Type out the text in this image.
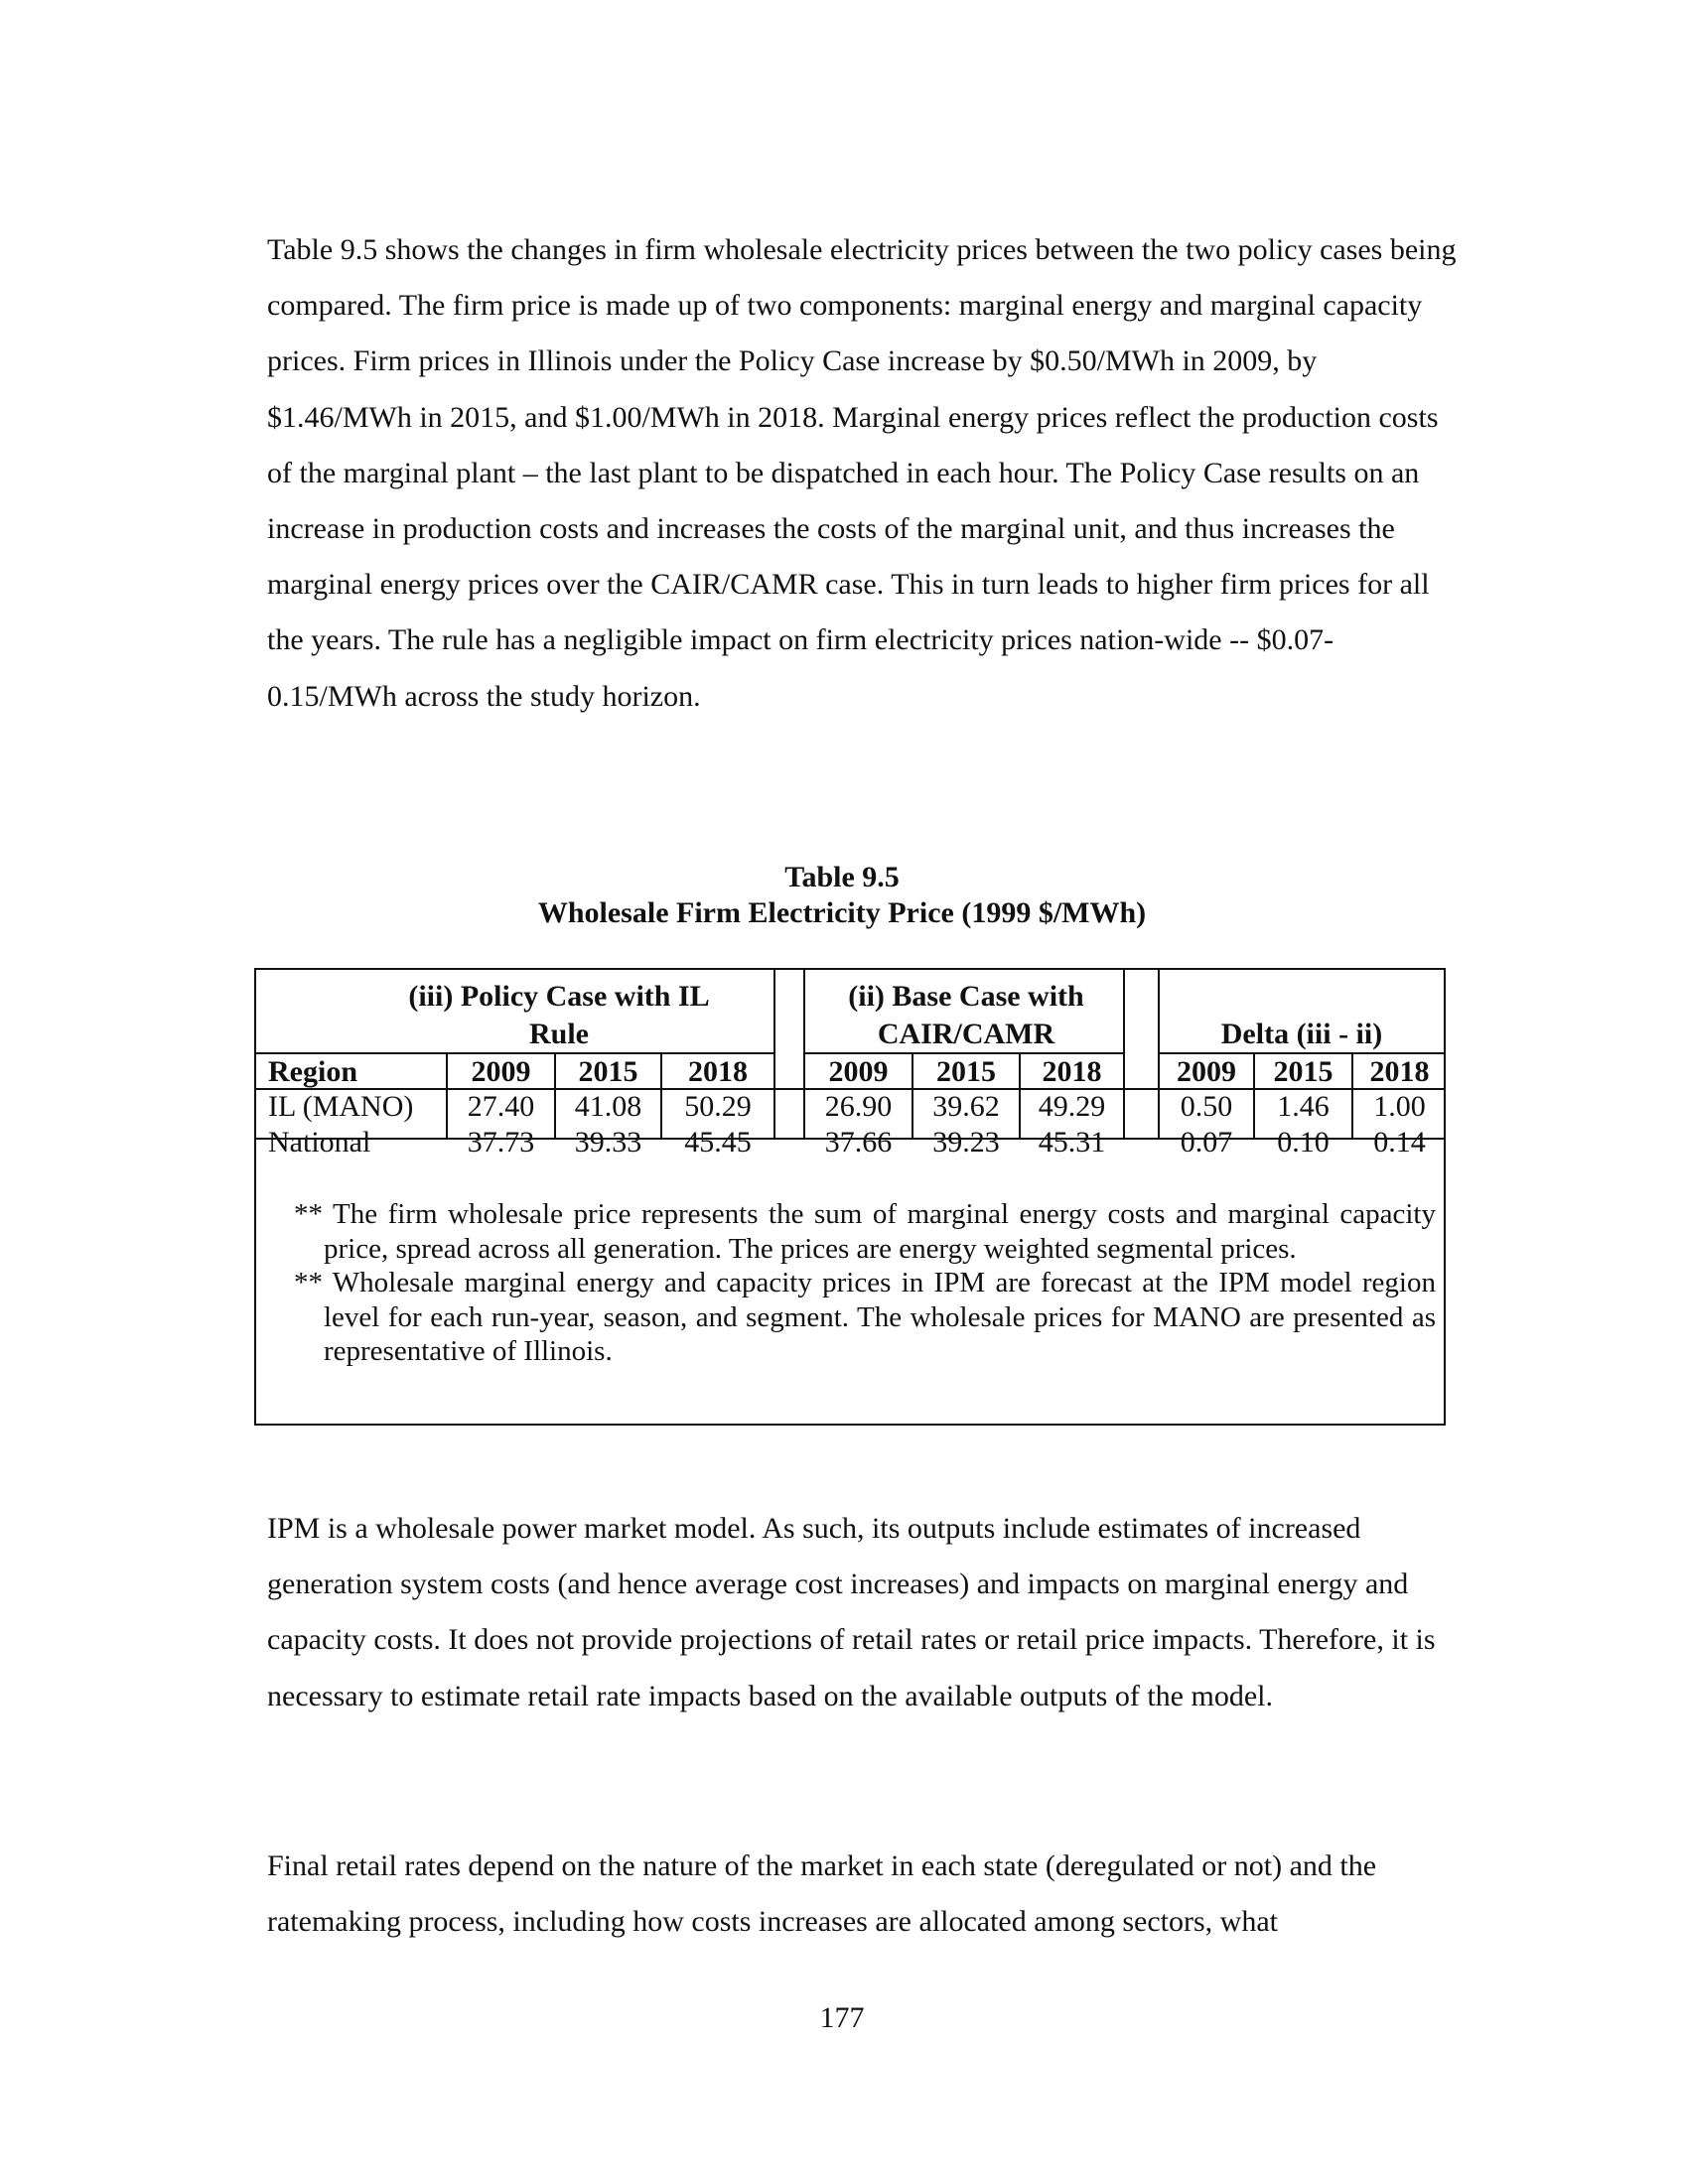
Table 9.5 shows the changes in firm wholesale electricity prices between the two policy cases being compared. The firm price is made up of two components: marginal energy and marginal capacity prices. Firm prices in Illinois under the Policy Case increase by $0.50/MWh in 2009, by $1.46/MWh in 2015, and $1.00/MWh in 2018. Marginal energy prices reflect the production costs of the marginal plant – the last plant to be dispatched in each hour. The Policy Case results on an increase in production costs and increases the costs of the marginal unit, and thus increases the marginal energy prices over the CAIR/CAMR case. This in turn leads to higher firm prices for all the years. The rule has a negligible impact on firm electricity prices nation-wide -- $0.07-0.15/MWh across the study horizon.

Table 9.5
Wholesale Firm Electricity Price (1999 $/MWh)
(iii) Policy Case with IL Rule
(ii) Base Case with CAIR/CAMR	Delta (iii - ii)
Region	2009	2015	2018	2009	2015	2018	2009	2015	2018
IL (MANO)	27.40	41.08	50.29	26.90	39.62	49.29	0.50	1.46	1.00
National	37.73	39.33	45.45	37.66	39.23	45.31	0.07	0.10	0.14

** The firm wholesale price represents the sum of marginal energy costs and marginal capacity price, spread across all generation. The prices are energy weighted segmental prices.

** Wholesale marginal energy and capacity prices in IPM are forecast at the IPM model region level for each run-year, season, and segment. The wholesale prices for MANO are presented as representative of Illinois.

IPM is a wholesale power market model. As such, its outputs include estimates of increased generation system costs (and hence average cost increases) and impacts on marginal energy and capacity costs. It does not provide projections of retail rates or retail price impacts. Therefore, it is necessary to estimate retail rate impacts based on the available outputs of the model.

Final retail rates depend on the nature of the market in each state (deregulated or not) and the ratemaking process, including how costs increases are allocated among sectors, what

177
